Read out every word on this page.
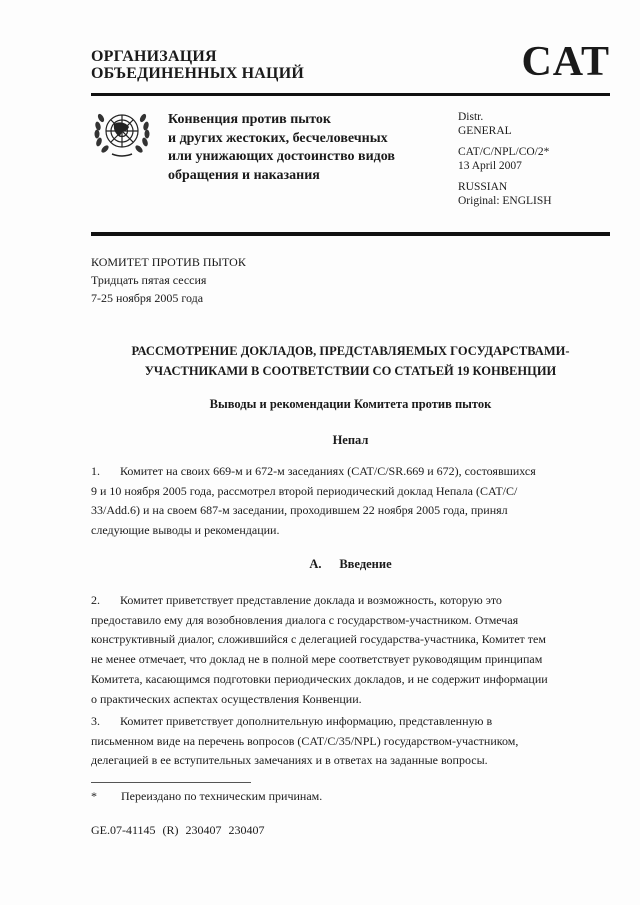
ОРГАНИЗАЦИЯ
ОБЪЕДИНЕННЫХ НАЦИЙ	CAT
Конвенция против пыток
и других жестоких, бесчеловечных
или унижающих достоинство видов
обращения и наказания
Distr.
GENERAL
CAT/C/NPL/CO/2*
13 April 2007
RUSSIAN
Original: ENGLISH
КОМИТЕТ ПРОТИВ ПЫТОК
Тридцать пятая сессия
7-25 ноября 2005 года
РАССМОТРЕНИЕ ДОКЛАДОВ, ПРЕДСТАВЛЯЕМЫХ ГОСУДАРСТВАМИ-
УЧАСТНИКАМИ В СООТВЕТСТВИИ СО СТАТЬЕЙ 19 КОНВЕНЦИИ
Выводы и рекомендации Комитета против пыток
Непал
1. Комитет на своих 669-м и 672-м заседаниях (CAT/C/SR.669 и 672), состоявшихся
9 и 10 ноября 2005 года, рассмотрел второй периодический доклад Непала (CAT/C/
33/Add.6) и на своем 687-м заседании, проходившем 22 ноября 2005 года, принял
следующие выводы и рекомендации.
A. Введение
2. Комитет приветствует представление доклада и возможность, которую это
предоставило ему для возобновления диалога с государством-участником. Отмечая
конструктивный диалог, сложившийся с делегацией государства-участника, Комитет тем
не менее отмечает, что доклад не в полной мере соответствует руководящим принципам
Комитета, касающимся подготовки периодических докладов, и не содержит информации
о практических аспектах осуществления Конвенции.
3. Комитет приветствует дополнительную информацию, представленную в
письменном виде на перечень вопросов (CAT/C/35/NPL) государством-участником,
делегацией в ее вступительных замечаниях и в ответах на заданные вопросы.
* Переиздано по техническим причинам.
GE.07-41145 (R) 230407 230407
